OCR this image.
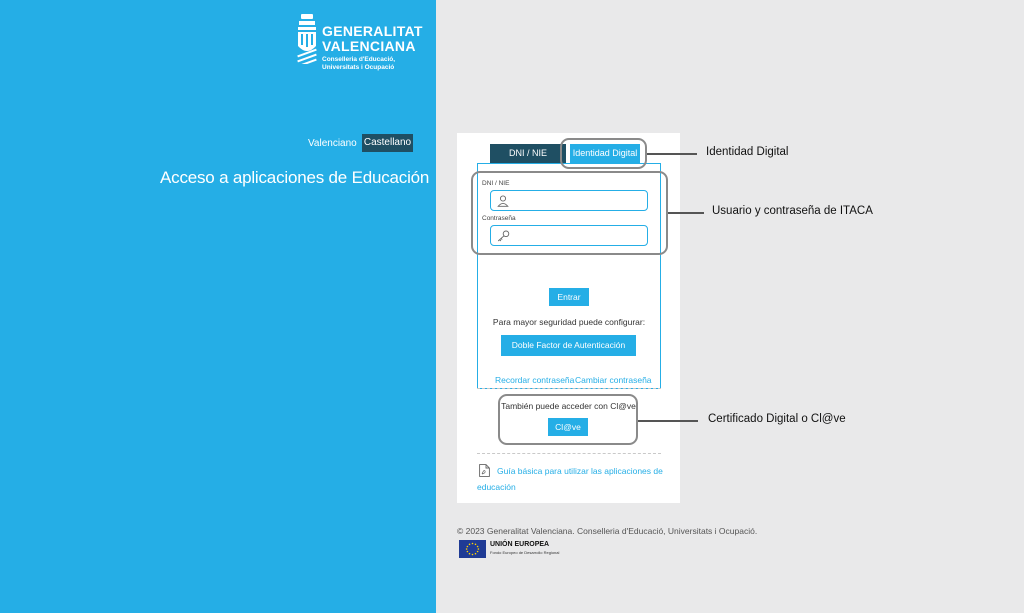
GENERALITAT
VALENCIANA
Conselleria d'Educació,
Universitats i Ocupació
Valenciano Castellano
Acceso a aplicaciones de Educación
DNI / NIE	Identidad Digital
DNI / NIE
Contraseña
Entrar
Para mayor seguridad puede configurar:
Doble Factor de Autenticación (2FA)
Recordar contraseña Cambiar contraseña
También puede acceder con Cl@ve
Cl@ve
Guía básica para utilizar las aplicaciones de
educación
Identidad Digital
Usuario y contraseña de ITACA
Certificado Digital o Cl@ve
© 2023 Generalitat Valenciana. Conselleria d'Educació, Universitats i Ocupació.
UNIÓN EUROPEA
Fondo Europeo de Desarrollo Regional
